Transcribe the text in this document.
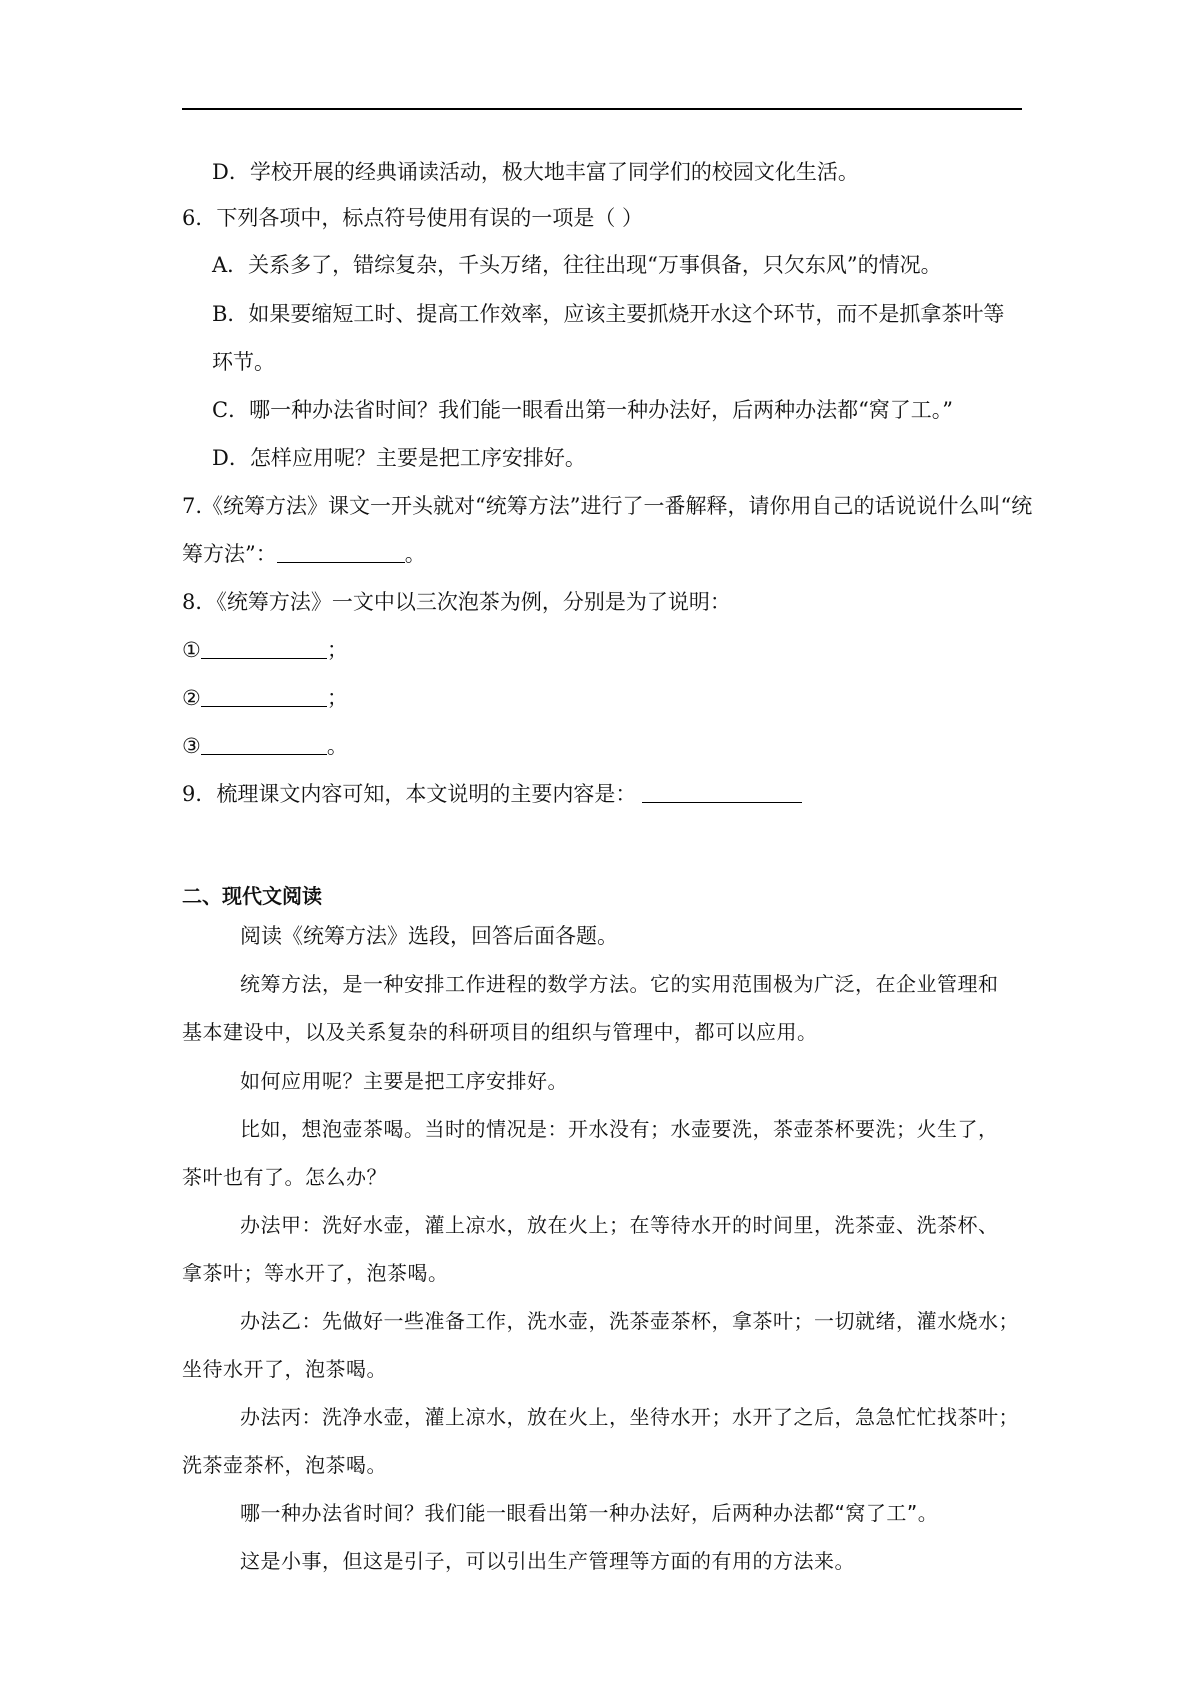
D．学校开展的经典诵读活动，极大地丰富了同学们的校园文化生活。
6．下列各项中，标点符号使用有误的一项是（ ）
A．关系多了，错综复杂，千头万绪，往往出现“万事俱备，只欠东风”的情况。
B．如果要缩短工时、提高工作效率，应该主要抓烧开水这个环节，而不是抓拿茶叶等
环节。
C．哪一种办法省时间？我们能一眼看出第一种办法好，后两种办法都“窝了工。”
D．怎样应用呢？主要是把工序安排好。
7.《统筹方法》课文一开头就对“统筹方法”进行了一番解释，请你用自己的话说说什么叫“统
筹方法”：	。
8．《统筹方法》一文中以三次泡茶为例，分别是为了说明：
①	；
②	；
③	。
9．梳理课文内容可知，本文说明的主要内容是：
二、现代文阅读
阅读《统筹方法》选段，回答后面各题。
统筹方法，是一种安排工作进程的数学方法。它的实用范围极为广泛，在企业管理和
基本建设中，以及关系复杂的科研项目的组织与管理中，都可以应用。
如何应用呢？主要是把工序安排好。
比如，想泡壶茶喝。当时的情况是：开水没有；水壶要洗，茶壶茶杯要洗；火生了，
茶叶也有了。怎么办？
办法甲：洗好水壶，灌上凉水，放在火上；在等待水开的时间里，洗茶壶、洗茶杯、
拿茶叶；等水开了，泡茶喝。
办法乙：先做好一些准备工作，洗水壶，洗茶壶茶杯，拿茶叶；一切就绪，灌水烧水；
坐待水开了，泡茶喝。
办法丙：洗净水壶，灌上凉水，放在火上，坐待水开；水开了之后，急急忙忙找茶叶；
洗茶壶茶杯，泡茶喝。
哪一种办法省时间？我们能一眼看出第一种办法好，后两种办法都“窝了工”。
这是小事，但这是引子，可以引出生产管理等方面的有用的方法来。
